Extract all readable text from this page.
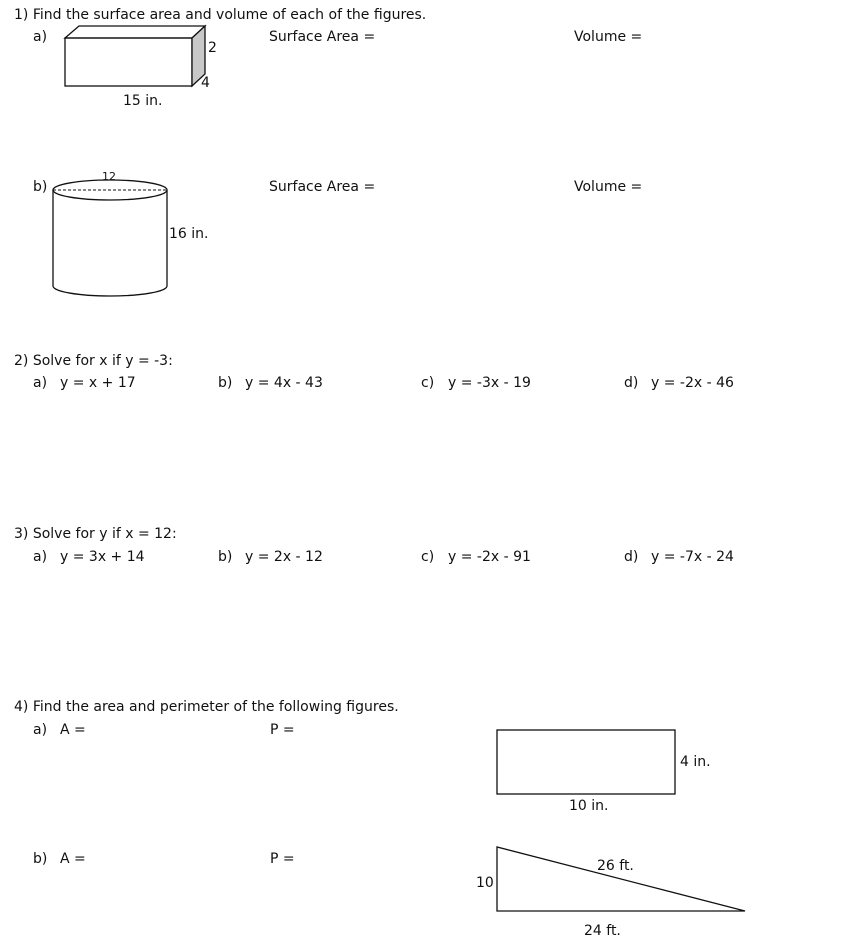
1) Find the surface area and volume of each of the figures.
a)
2
4
15 in.
Surface Area =	Volume =
b)
12
16 in.
Surface Area =	Volume =
2) Solve for x if y = -3:
a) y = x + 17	b) y = 4x - 43	c) y = -3x - 19	d) y = -2x - 46
3) Solve for y if x = 12:
a) y = 3x + 14	b) y = 2x - 12	c) y = -2x - 91	d) y = -7x - 24
4) Find the area and perimeter of the following figures.
a) A =	P =
4 in.
10 in.
b) A =	P =
10
26 ft.
24 ft.
